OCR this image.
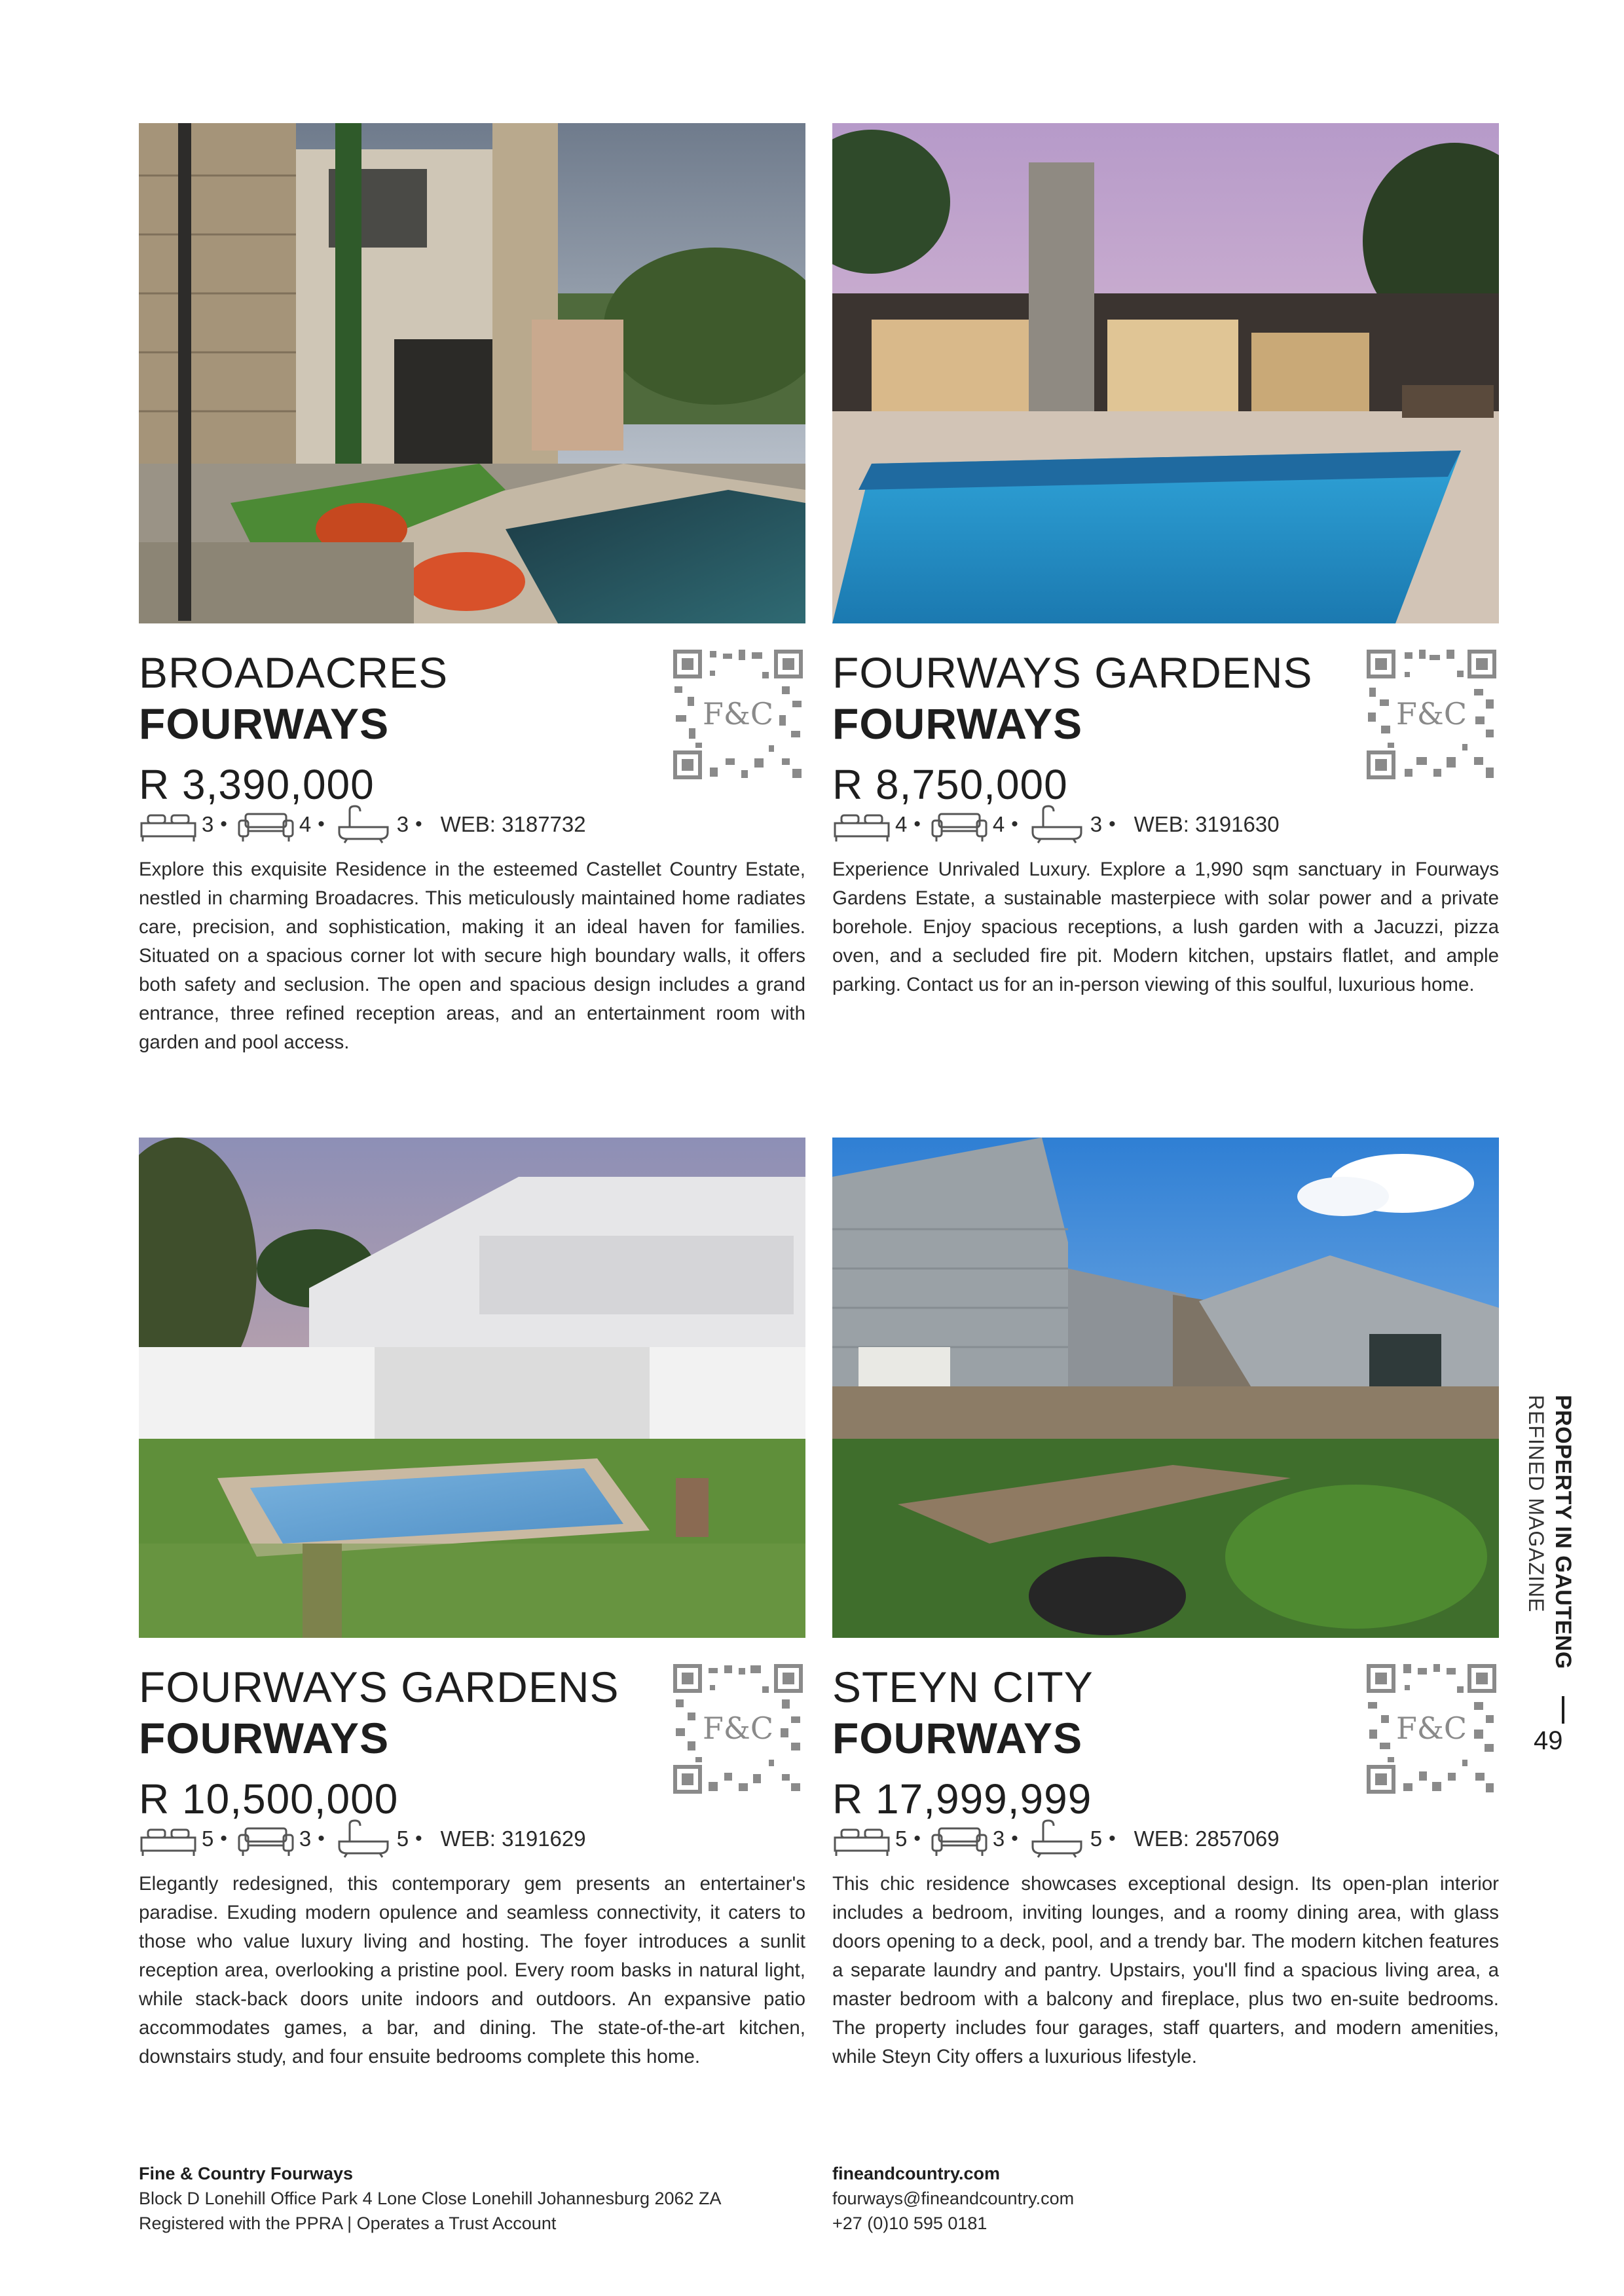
BROADACRES
FOURWAYS
R 3,390,000
F&C
3 •	4 •	3 • WEB: 3187732
Explore this exquisite Residence in the esteemed Castellet Country Estate, nestled in charming Broadacres. This meticulously maintained home radiates care, precision, and sophistication, making it an ideal haven for families. Situated on a spacious corner lot with secure high boundary walls, it offers both safety and seclusion. The open and spacious design includes a grand entrance, three refined reception areas, and an entertainment room with garden and pool access.
FOURWAYS GARDENS
FOURWAYS
R 8,750,000
F&C
4 •	4 •	3 • WEB: 3191630
Experience Unrivaled Luxury. Explore a 1,990 sqm sanctuary in Fourways Gardens Estate, a sustainable masterpiece with solar power and a private borehole. Enjoy spacious receptions, a lush garden with a Jacuzzi, pizza oven, and a secluded fire pit. Modern kitchen, upstairs flatlet, and ample parking. Contact us for an in-person viewing of this soulful, luxurious home.
FOURWAYS GARDENS
FOURWAYS
R 10,500,000
F&C
5 •	3 •	5 • WEB: 3191629
Elegantly redesigned, this contemporary gem presents an entertainer's paradise. Exuding modern opulence and seamless connectivity, it caters to those who value luxury living and hosting. The foyer introduces a sunlit reception area, overlooking a pristine pool. Every room basks in natural light, while stack-back doors unite indoors and outdoors. An expansive patio accommodates games, a bar, and dining. The state-of-the-art kitchen, downstairs study, and four ensuite bedrooms complete this home.
STEYN CITY
FOURWAYS
R 17,999,999
F&C
5 •	3 •	5 • WEB: 2857069
This chic residence showcases exceptional design. Its open-plan interior includes a bedroom, inviting lounges, and a roomy dining area, with glass doors opening to a deck, pool, and a trendy bar. The modern kitchen features a separate laundry and pantry. Upstairs, you'll find a spacious living area, a master bedroom with a balcony and fireplace, plus two en-suite bedrooms. The property includes four garages, staff quarters, and modern amenities, while Steyn City offers a luxurious lifestyle.
PROPERTY IN GAUTENG
REFINED MAGAZINE
49
Fine & Country Fourways
Block D Lonehill Office Park 4 Lone Close Lonehill Johannesburg 2062 ZA
Registered with the PPRA | Operates a Trust Account
fineandcountry.com
fourways@fineandcountry.com
+27 (0)10 595 0181
